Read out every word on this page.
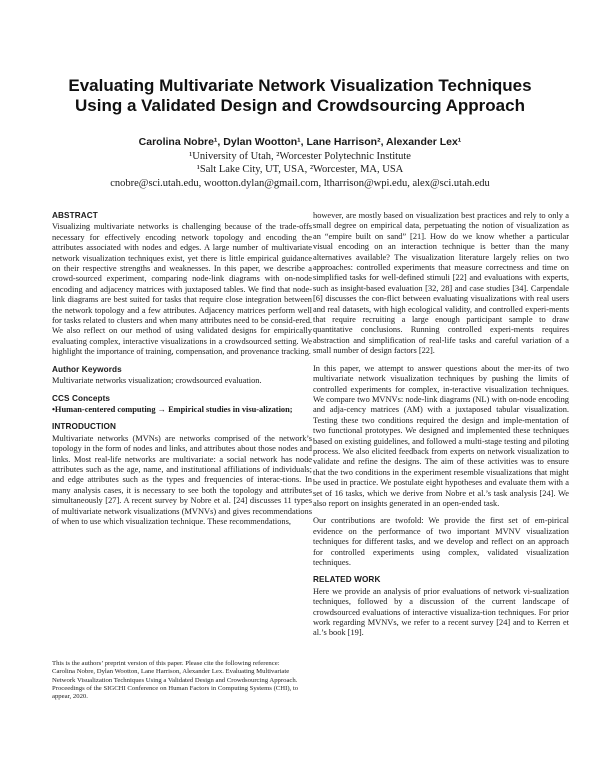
Evaluating Multivariate Network Visualization Techniques
Using a Validated Design and Crowdsourcing Approach
Carolina Nobre¹, Dylan Wootton¹, Lane Harrison², Alexander Lex¹
¹University of Utah, ²Worcester Polytechnic Institute
¹Salt Lake City, UT, USA, ²Worcester, MA, USA
cnobre@sci.utah.edu, wootton.dylan@gmail.com, ltharrison@wpi.edu, alex@sci.utah.edu
ABSTRACT

Visualizing multivariate networks is challenging because of the trade-offs necessary for effectively encoding network topology and encoding the attributes associated with nodes and edges. A large number of multivariate network visualization techniques exist, yet there is little empirical guidance on their respective strengths and weaknesses. In this paper, we describe a crowd-sourced experiment, comparing node-link diagrams with on-node encoding and adjacency matrices with juxtaposed tables. We find that node-link diagrams are best suited for tasks that require close integration between the network topology and a few attributes. Adjacency matrices perform well for tasks related to clusters and when many attributes need to be consid-ered. We also reflect on our method of using validated designs for empirically evaluating complex, interactive visualizations in a crowdsourced setting. We highlight the importance of training, compensation, and provenance tracking.

Author Keywords

Multivariate networks visualization; crowdsourced evaluation.

CCS Concepts

•Human-centered computing → Empirical studies in visu-alization;

INTRODUCTION

Multivariate networks (MVNs) are networks comprised of the network’s topology in the form of nodes and links, and attributes about those nodes and links. Most real-life networks are multivariate: a social network has node attributes such as the age, name, and institutional affiliations of individuals; and edge attributes such as the types and frequencies of interac-tions. In many analysis cases, it is necessary to see both the topology and attributes simultaneously [27]. A recent survey by Nobre et al. [24] discusses 11 types of multivariate network visualizations (MVNVs) and gives recommendations of when to use which visualization technique. These recommendations,

This is the authors’ preprint version of this paper. Please cite the following reference:
Carolina Nobre, Dylan Wootton, Lane Harrison, Alexander Lex. Evaluating Multivariate Network Visualization Techniques Using a Validated Design and Crowdsourcing Approach. Proceedings of the SIGCHI Conference on Human Factors in Computing Systems (CHI), to appear, 2020.

however, are mostly based on visualization best practices and rely to only a small degree on empirical data, perpetuating the notion of visualization as an “empire built on sand” [21]. How do we know whether a particular visual encoding on an interaction technique is better than the many alternatives available? The visualization literature largely relies on two approaches: controlled experiments that measure correctness and time on simplified tasks for well-defined stimuli [22] and evaluations with experts, such as insight-based evaluation [32, 28] and case studies [34]. Carpendale [6] discusses the con-flict between evaluating visualizations with real users and real datasets, with high ecological validity, and controlled experi-ments that require recruiting a large enough participant sample to draw quantitative conclusions. Running controlled experi-ments requires abstraction and simplification of real-life tasks and careful variation of a small number of design factors [22].

In this paper, we attempt to answer questions about the mer-its of two multivariate network visualization techniques by pushing the limits of controlled experiments for complex, in-teractive visualization techniques. We compare two MVNVs: node-link diagrams (NL) with on-node encoding and adja-cency matrices (AM) with a juxtaposed tabular visualization. Testing these two conditions required the design and imple-mentation of two functional prototypes. We designed and implemented these techniques based on existing guidelines, and followed a multi-stage testing and piloting process. We also elicited feedback from experts on network visualization to validate and refine the designs. The aim of these activities was to ensure that the two conditions in the experiment resemble visualizations that might be used in practice. We postulate eight hypotheses and evaluate them with a set of 16 tasks, which we derive from Nobre et al.’s task analysis [24]. We also report on insights generated in an open-ended task.

Our contributions are twofold: We provide the first set of em-pirical evidence on the performance of two important MVNV visualization techniques for different tasks, and we develop and reflect on an approach for controlled experiments using complex, validated visualization techniques.

RELATED WORK

Here we provide an analysis of prior evaluations of network vi-sualization techniques, followed by a discussion of the current landscape of crowdsourced evaluations of interactive visualiza-tion techniques. For prior work regarding MVNVs, we refer to a recent survey [24] and to Kerren et al.’s book [19].
